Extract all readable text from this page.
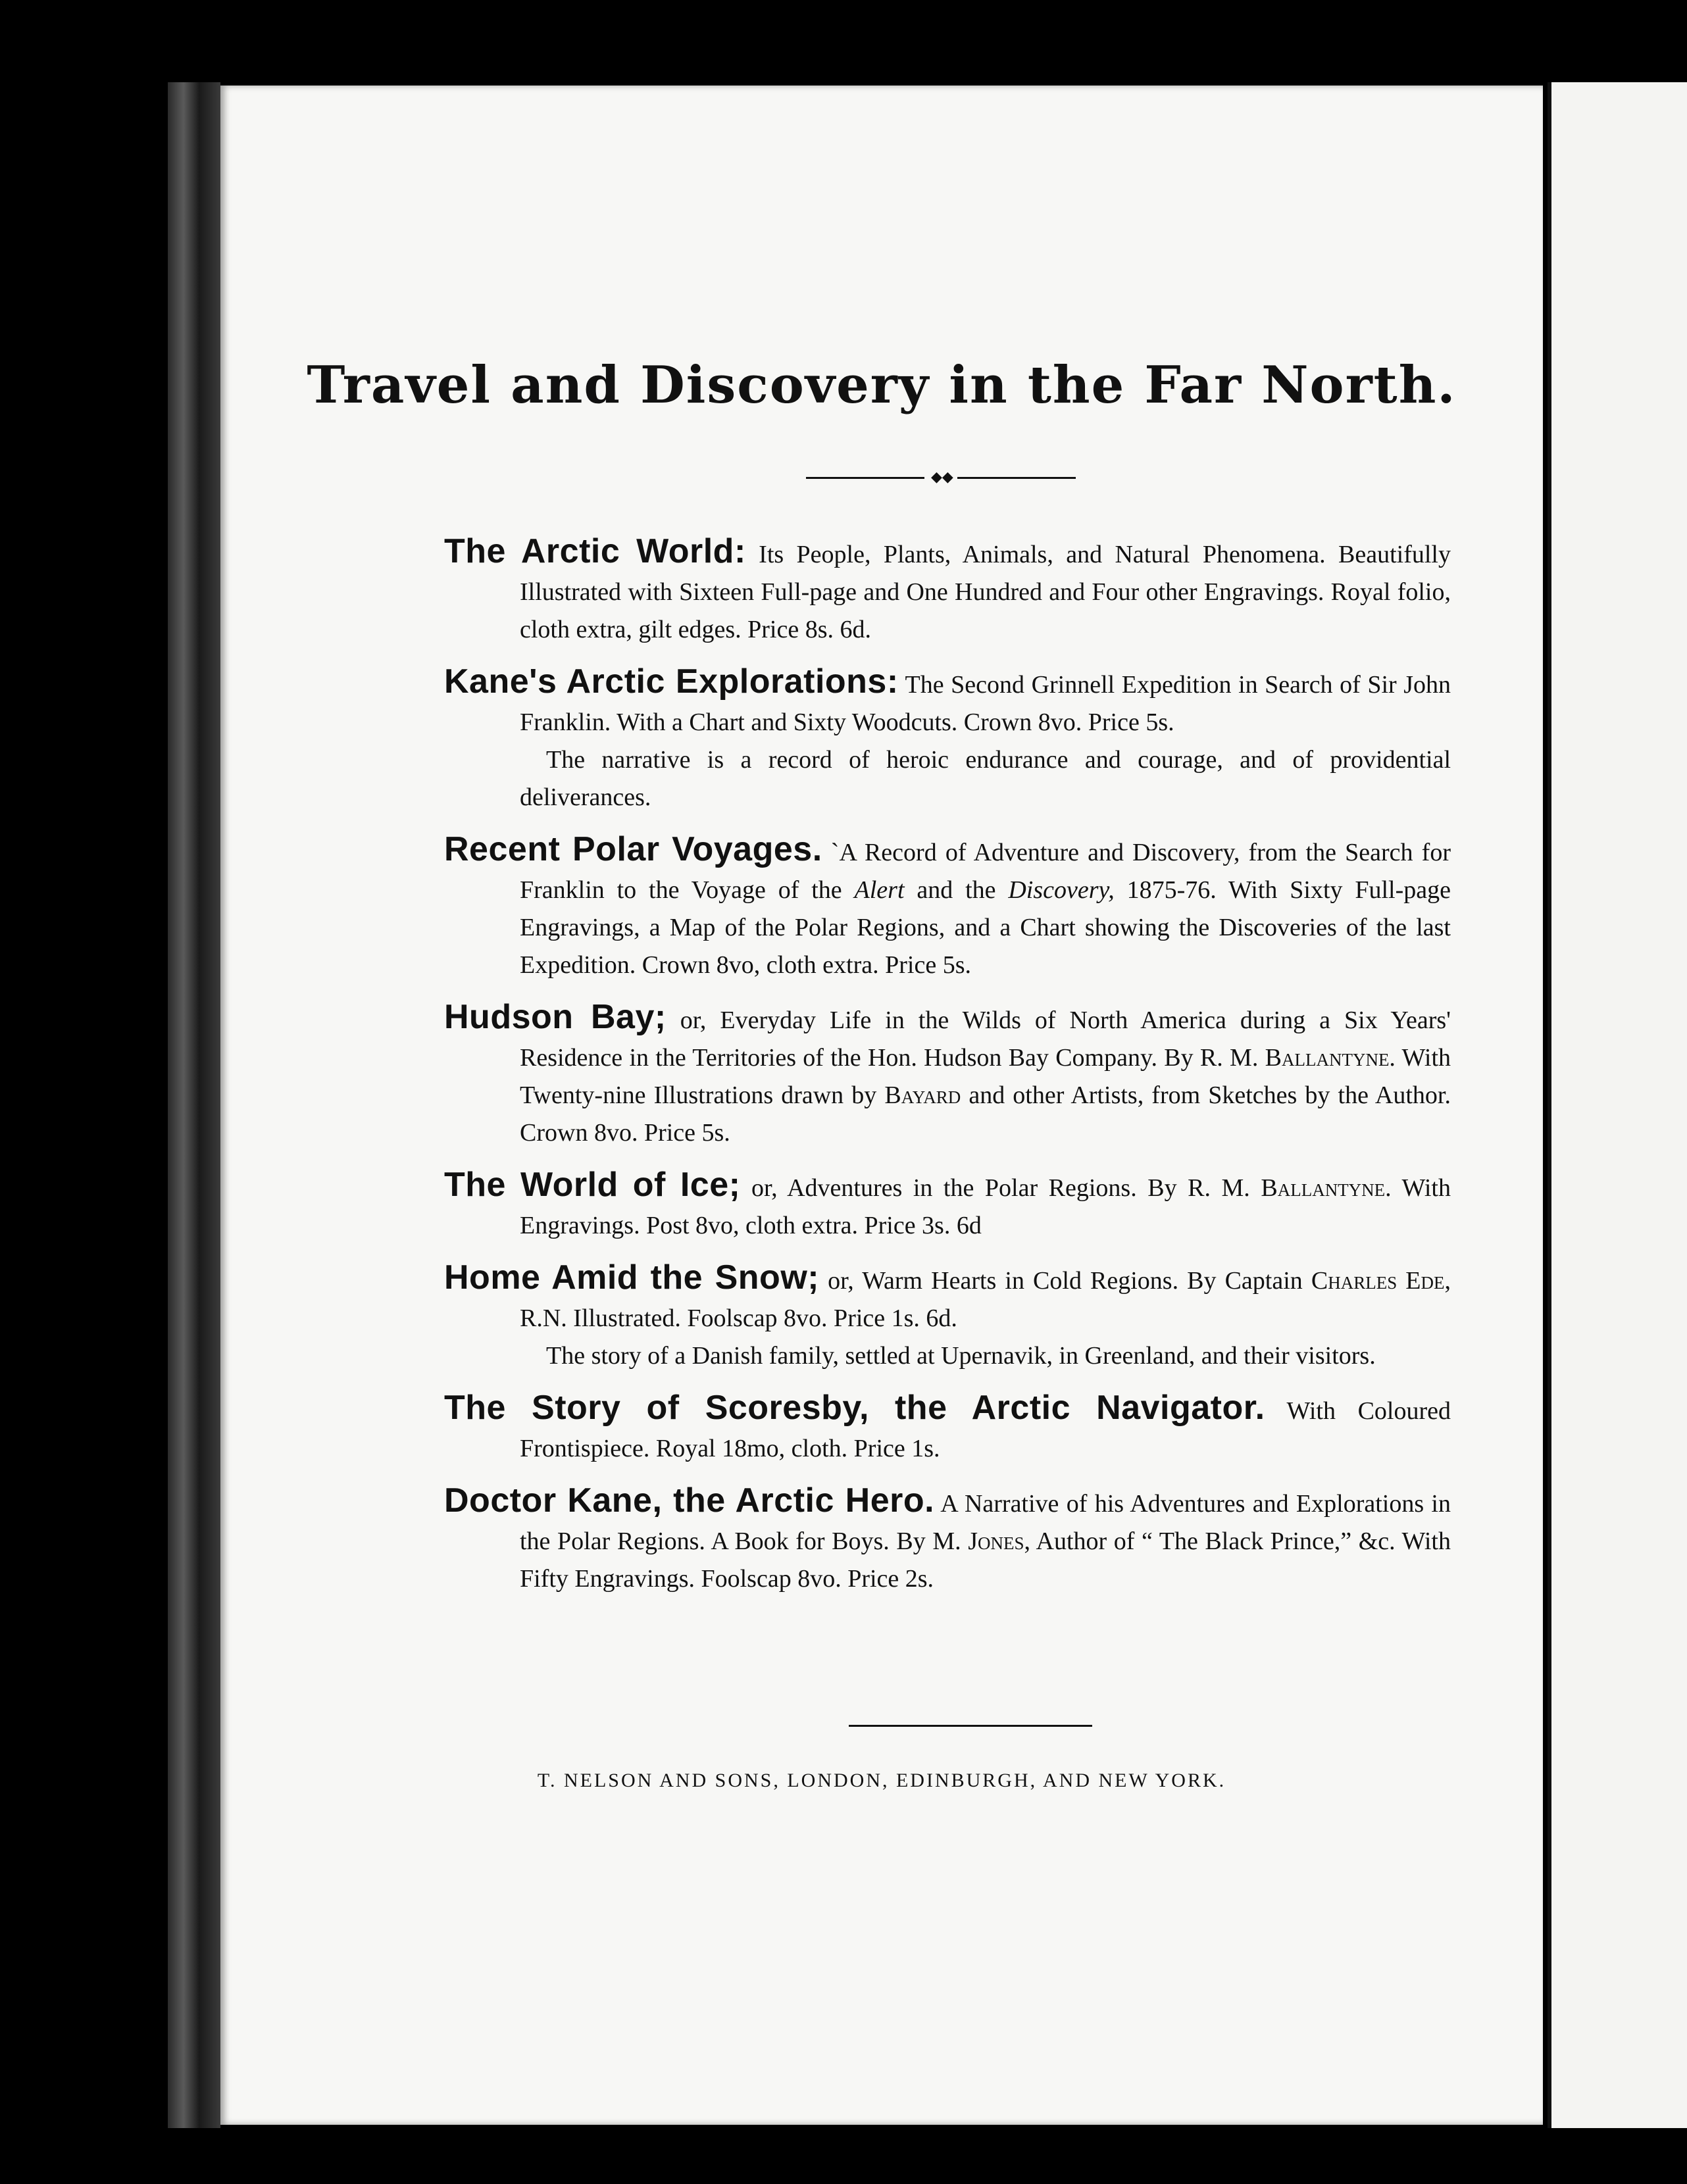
Travel and Discovery in the Far North.
◆◆

The Arctic World: Its People, Plants, Animals, and Natural Phenomena. Beautifully Illustrated with Sixteen Full-page and One Hundred and Four other Engravings. Royal folio, cloth extra, gilt edges. Price 8s. 6d.

Kane's Arctic Explorations: The Second Grinnell Expedition in Search of Sir John Franklin. With a Chart and Sixty Woodcuts. Crown 8vo. Price 5s.

The narrative is a record of heroic endurance and courage, and of providential deliverances.

Recent Polar Voyages. `A Record of Adventure and Discovery, from the Search for Franklin to the Voyage of the Alert and the Discovery, 1875-76. With Sixty Full-page Engravings, a Map of the Polar Regions, and a Chart showing the Discoveries of the last Expedition. Crown 8vo, cloth extra. Price 5s.

Hudson Bay; or, Everyday Life in the Wilds of North America during a Six Years' Residence in the Territories of the Hon. Hudson Bay Company. By R. M. Ballantyne. With Twenty-nine Illustrations drawn by Bayard and other Artists, from Sketches by the Author. Crown 8vo. Price 5s.

The World of Ice; or, Adventures in the Polar Regions. By R. M. Ballantyne. With Engravings. Post 8vo, cloth extra. Price 3s. 6d

Home Amid the Snow; or, Warm Hearts in Cold Regions. By Captain Charles Ede, R.N. Illustrated. Foolscap 8vo. Price 1s. 6d.

The story of a Danish family, settled at Upernavik, in Greenland, and their visitors.

The Story of Scoresby, the Arctic Navigator. With Coloured Frontispiece. Royal 18mo, cloth. Price 1s.

Doctor Kane, the Arctic Hero. A Narrative of his Adventures and Explorations in the Polar Regions. A Book for Boys. By M. Jones, Author of “ The Black Prince,” &c. With Fifty Engravings. Foolscap 8vo. Price 2s.

T. NELSON AND SONS, LONDON, EDINBURGH, AND NEW YORK.
